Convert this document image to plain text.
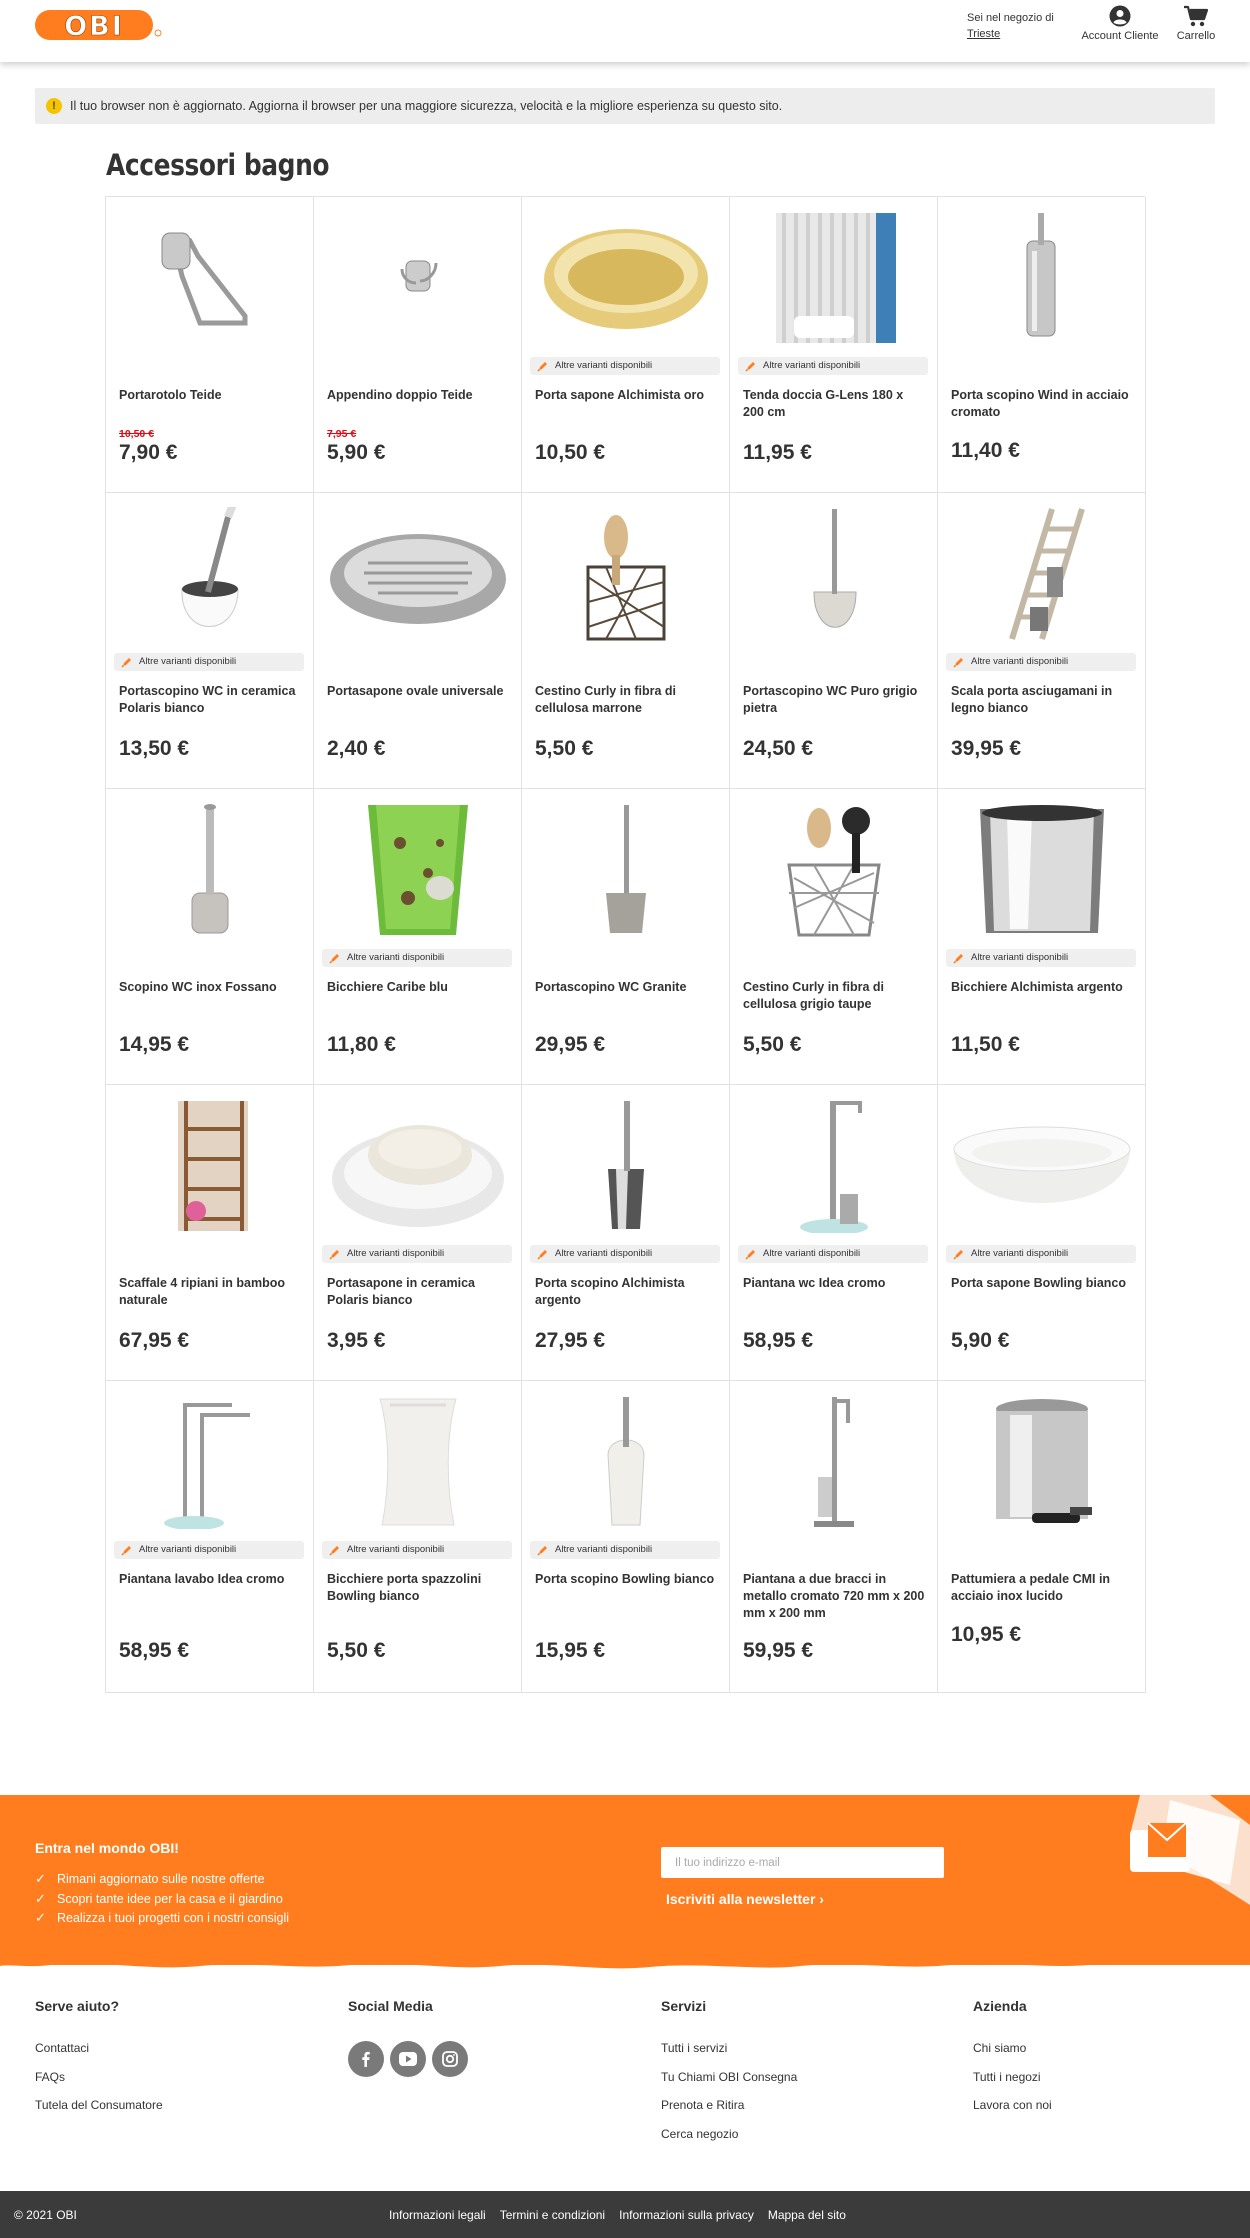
OBI	Sei nel negozio di
Trieste	Account Cliente	Carrello
!	Il tuo browser non è aggiornato. Aggiorna il browser per una maggiore sicurezza, velocità e la migliore esperienza su questo sito.
Accessori bagno
Portarotolo Teide
10,50 €
7,90 €
Appendino doppio Teide
7,95 €
5,90 €
Altre varianti disponibili
Porta sapone Alchimista oro
10,50 €
Altre varianti disponibili
Tenda doccia G-Lens 180 x 200 cm
11,95 €
Porta scopino Wind in acciaio cromato
11,40 €
Altre varianti disponibili
Portascopino WC in ceramica Polaris bianco
13,50 €
Portasapone ovale universale
2,40 €
Cestino Curly in fibra di cellulosa marrone
5,50 €
Portascopino WC Puro grigio pietra
24,50 €
Altre varianti disponibili
Scala porta asciugamani in legno bianco
39,95 €
Scopino WC inox Fossano
14,95 €
Altre varianti disponibili
Bicchiere Caribe blu
11,80 €
Portascopino WC Granite
29,95 €
Cestino Curly in fibra di cellulosa grigio taupe
5,50 €
Altre varianti disponibili
Bicchiere Alchimista argento
11,50 €
Scaffale 4 ripiani in bamboo naturale
67,95 €
Altre varianti disponibili
Portasapone in ceramica Polaris bianco
3,95 €
Altre varianti disponibili
Porta scopino Alchimista argento
27,95 €
Altre varianti disponibili
Piantana wc Idea cromo
58,95 €
Altre varianti disponibili
Porta sapone Bowling bianco
5,90 €
Altre varianti disponibili
Piantana lavabo Idea cromo
58,95 €
Altre varianti disponibili
Bicchiere porta spazzolini Bowling bianco
5,50 €
Altre varianti disponibili
Porta scopino Bowling bianco
15,95 €
Piantana a due bracci in metallo cromato 720 mm x 200 mm x 200 mm
59,95 €
Pattumiera a pedale CMI in acciaio inox lucido
10,95 €
Entra nel mondo OBI!
✓ Rimani aggiornato sulle nostre offerte
✓ Scopri tante idee per la casa e il giardino
✓ Realizza i tuoi progetti con i nostri consigli
Il tuo indirizzo e-mail
Iscriviti alla newsletter ›
Serve aiuto?
Contattaci
FAQs
Tutela del Consumatore
Social Media	Servizi
Tutti i servizi
Tu Chiami OBI Consegna
Prenota e Ritira
Cerca negozio
Azienda
Chi siamo
Tutti i negozi
Lavora con noi
© 2021 OBI	Informazioni legali Termini e condizioni Informazioni sulla privacy Mappa del sito
